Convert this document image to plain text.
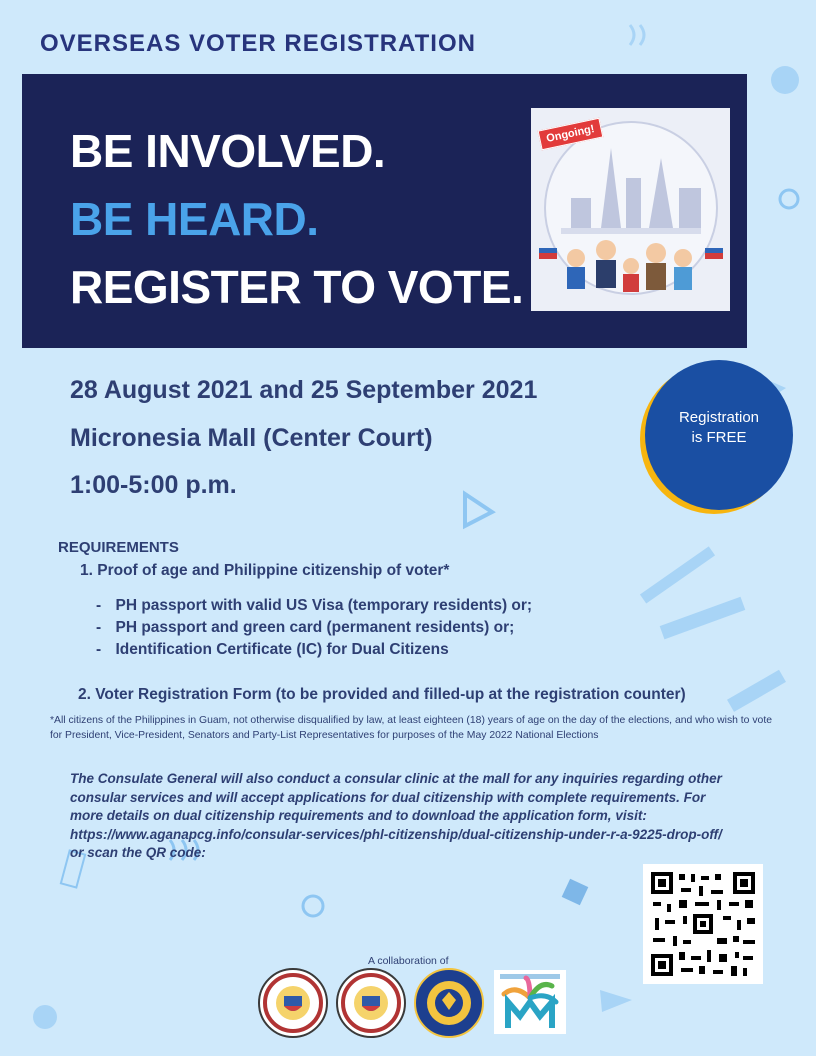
OVERSEAS VOTER REGISTRATION
BE INVOLVED.
BE HEARD.
REGISTER TO VOTE.
Ongoing!
28 August 2021 and 25 September 2021
Micronesia Mall (Center Court)
1:00-5:00 p.m.
Registration
is FREE
REQUIREMENTS
1. Proof of age and Philippine citizenship of voter*
- PH passport with valid US Visa (temporary residents) or;
- PH passport and green card (permanent residents) or;
- Identification Certificate (IC) for Dual Citizens
2. Voter Registration Form (to be provided and filled-up at the registration counter)
*All citizens of the Philippines in Guam, not otherwise disqualified by law, at least eighteen (18) years of age on the day of the elections, and who wish to vote for President, Vice-President, Senators and Party-List Representatives for purposes of the May 2022 National Elections
The Consulate General will also conduct a consular clinic at the mall for any inquiries regarding other consular services and will accept applications for dual citizenship with complete requirements. For more details on dual citizenship requirements and to download the application form, visit: https://www.aganapcg.info/consular-services/phl-citizenship/dual-citizenship-under-r-a-9225-drop-off/ or scan the QR code:
A collaboration of
